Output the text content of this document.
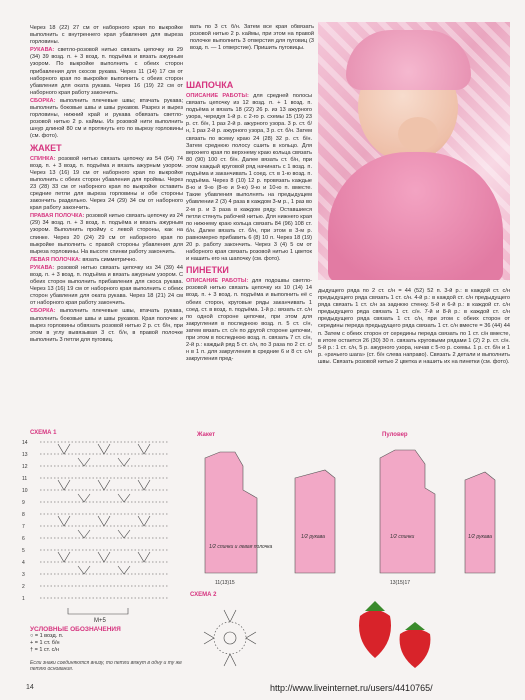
Через 18 (22) 27 см от наборного края по выкройке выполнить с внутреннего края убавления для выреза горловины.

РУКАВА: светло-розовой нитью связать цепочку из 29 (34) 39 возд. п. + 3 возд. п. подъёма и вязать ажурным узором. По выкройке выполнить с обеих сторон прибавления для скосов рукава. Через 11 (14) 17 см от наборного края по выкройке выполнить с обеих сторон убавления для оката рукава. Через 16 (19) 22 см от наборного края работу закончить.

СБОРКА: выполнить плечевые швы; втачать рукава; выполнить боковые швы и швы рукавов. Разрез и вырез горловины, нижний край и рукава обвязать светло-розовой нитью 2 р. каймы. Из розовой нити выполнить шнур длиной 80 см и протянуть его по вырезу горловины (см. фото).

ЖАКЕТ

СПИНКА: розовой нитью связать цепочку из 54 (64) 74 возд. п. + 3 возд. п. подъёма и вязать ажурным узором. Через 13 (16) 19 см от наборного края по выкройке выполнить с обеих сторон убавления для проймы. Через 23 (28) 33 см от наборного края по выкройке оставить средние петли для выреза горловины и обе стороны закончить раздельно. Через 24 (29) 34 см от наборного края работу закончить.

ПРАВАЯ ПОЛОЧКА: розовой нитью связать цепочку из 24 (29) 34 возд. п. + 3 возд. п. подъёма и вязать ажурным узором. Выполнить пройму с левой стороны, как на спинке. Через 20 (24) 29 см от наборного края по выкройке выполнить с правой стороны убавления для выреза горловины. На высоте спинки работу закончить.

ЛЕВАЯ ПОЛОЧКА: вязать симметрично.

РУКАВА: розовой нитью связать цепочку из 34 (39) 44 возд. п. + 3 возд. п. подъёма и вязать ажурным узором. С обеих сторон выполнить прибавления для скоса рукава. Через 13 (16) 19 см от наборного края выполнить с обеих сторон убавления для оката рукава. Через 18 (21) 24 см от наборного края работу закончить.

СБОРКА: выполнить плечевые швы, втачать рукава, выполнить боковые швы и швы рукавов. Края полочек и вырез горловины обвязать розовой нитью 2 р. ст. б/н, при этом в углу вывязывая 3 ст. б/н, в правой полочке выполнить 3 петли для пуговиц.

вать по 3 ст. б/н. Затем все края обвязать розовой нитью 2 р. каймы, при этом на правой полочке выполнить 3 отверстия для пуговиц (3 возд. п. — 1 отверстие). Пришить пуговицы.

ШАПОЧКА

ОПИСАНИЕ РАБОТЫ: для средней полосы связать цепочку из 12 возд. п. + 1 возд. п. подъёма и вязать 18 (22) 26 р. из 13 ажурного узора, чередуя 1-й р. с 2-го р. схемы 15 (19) 23 р. ст. б/н, 1 раз 2-й р. ажурного узора. 3 р. ст. б/н, 1 раз 2-й р. ажурного узора, 3 р. ст. б/н. Затем связать по всему краю 24 (28) 32 р. ст. б/н. Затем среднюю полосу сшить в кольцо. Для верхнего края по верхнему краю кольца связать 80 (90) 100 ст. б/н. Далее вязать ст. б/н, при этом каждый круговой ряд начинать с 1 возд. п. подъёма и заканчивать 1 соед. ст. в 1-ю возд. п. подъёма. Через 8 (10) 12 р. провязать каждые 8-ю и 9-ю (8-ю и 9-ю) 9-ю и 10-ю п. вместе. Такие убавления выполнять на предыдущем убавлении 2 (3) 4 раза в каждом 3-м р., 1 раз во 2-м р. и 3 раза в каждом ряду. Оставшиеся петли стянуть рабочей нитью. Для нижнего края по нижнему краю кольца связать 84 (96) 108 ст. б/н. Далее вязать ст. б/н, при этом в 3-м р. равномерно прибавить 6 (8) 10 п. Через 18 (19) 20 р. работу закончить. Через 3 (4) 5 см от наборного края связать розовой нитью 1 цветок и нашить его на шапочку (см. фото).

ПИНЕТКИ

ОПИСАНИЕ РАБОТЫ: для подошвы светло-розовой нитью связать цепочку из 10 (14) 14 возд. п. + 3 возд. п. подъёма и выполнить её с обеих сторон, круговые ряды заканчивать 1 соед. ст. в возд. п. подъёма. 1-й р.: вязать ст. с/н по одной стороне цепочки, при этом для закругления в последнюю возд. п. 5 ст. с/н, затем вязать ст. с/н по другой стороне цепочки, при этом в последнюю возд. п. связать 7 ст. с/н, 2-й р.: каждый ряд 5 ст. с/н, по 3 раза по 2 ст. с/н в 1 п. для закругления в средние 6 и 8 ст. с/н закругления пред-

дыдущего ряда по 2 ст. с/н = 44 (52) 52 п. 3-й р.: в каждой ст. с/н предыдущего ряда связать 1 ст. с/н. 4-й р.: в каждой ст. с/н предыдущего ряда связать 1 ст. с/н за заднюю стенку. 5-й и 6-й р.: в каждой ст. с/н предыдущего ряда связать 1 ст. с/н. 7-й и 8-й р.: в каждой ст. с/н предыдущего ряда связать 1 ст. с/н, при этом с обеих сторон от середины переда предыдущего ряда связать 1 ст. с/н вместе = 36 (44) 44 п. Затем с обеих сторон от середины переда связать по 1 ст. с/н вместе, в итоге остается 26 (30) 30 п. связать круговыми рядами 1 (2) 2 р. ст. с/н. 5-й р.: 1 ст. с/н, 5 р. ажурного узора, начав с 5-го р. схемы. 1 р. ст. б/н и 1 р. «рачьего шага» (ст. б/н слева направо). Связать 2 детали и выполнить швы. Связать розовой нитью 2 цветка и нашить их на пинетки (см. фото).

СХЕМА 1
14
13
12
11
10
9
8
7
6
5
4
3
2
1
М+5
УСЛОВНЫЕ ОБОЗНАЧЕНИЯ
○ = 1 возд. п.
+ = 1 ст. б/н
† = 1 ст. с/н
Если знаки соединяются внизу, то петли вяжут в одну и ту же петлю основания.
Жакет	Пуловер
1/2 спинки и левая полочка
1/2 рукава	1/2 спинки	1/2 рукава
11(13)15	13(15)17
СХЕМА 2
14	http://www.liveinternet.ru/users/4410765/
